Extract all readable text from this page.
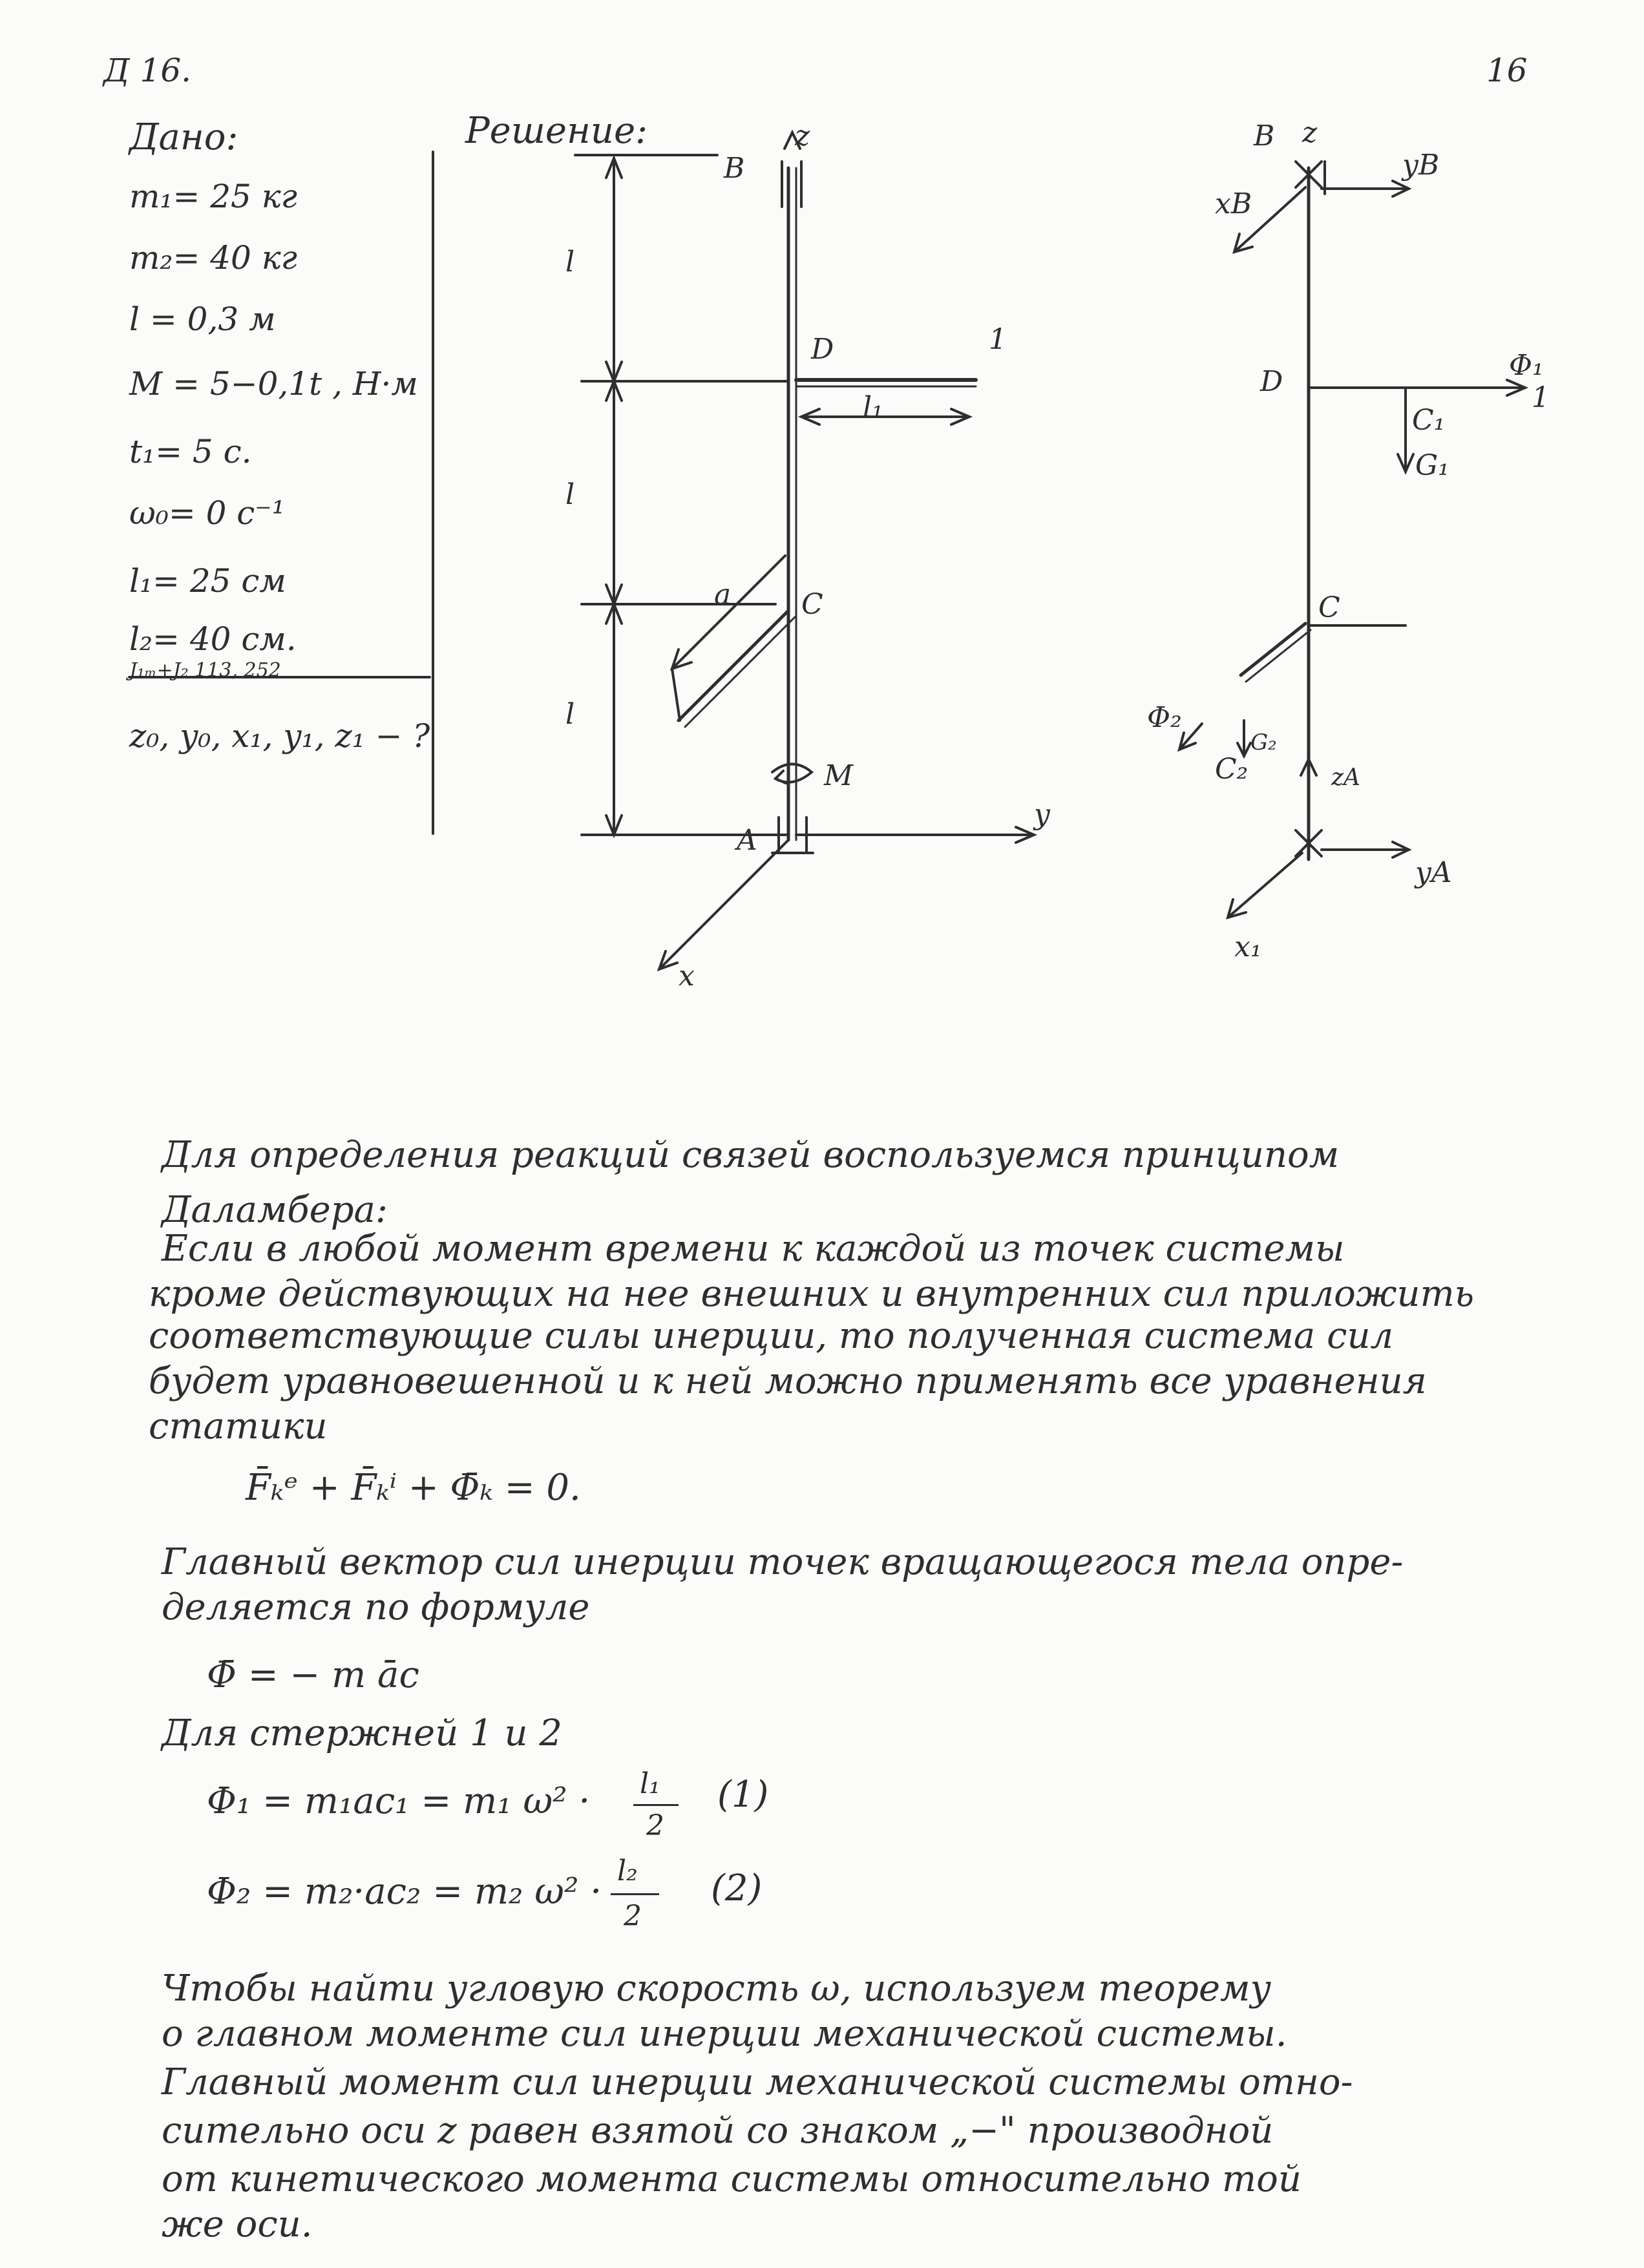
Д 16.	16
Дано:
m₁= 25 кг
m₂= 40 кг
l = 0,3 м
M = 5−0,1t , Н·м
t₁= 5 с.
ω₀= 0 с⁻¹
l₁= 25 см
l₂= 40 см.
J₁ₘ+J₂ 113, 252
z₀, y₀, x₁, y₁, z₁ − ?
Решение:
B
z
D
l₁
1
l
l
l
a C
M
A
y
x
B z
yB
xB
D	Φ₁
1
C₁
G₁
C
Φ₂
C₂
G₂
zA
yA
x₁
Для определения реакций связей воспользуемся принципом
Даламбера:
Если в любой момент времени к каждой из точек системы
кроме действующих на нее внешних и внутренних сил приложить
соответствующие силы инерции, то полученная система сил
будет уравновешенной и к ней можно применять все уравнения
статики
F̄ₖᵉ + F̄ₖⁱ + Φ̄ₖ = 0.
Главный вектор сил инерции точек вращающегося тела опре-
деляется по формуле
Φ̄ = − m āc
Для стержней 1 и 2
Φ₁ = m₁ac₁ = m₁ ω² · l₁
2
(1)
Φ₂ = m₂·ac₂ = m₂ ω² · l₂
2
(2)
Чтобы найти угловую скорость ω, используем теорему
о главном моменте сил инерции механической системы.
Главный момент сил инерции механической системы отно-
сительно оси z равен взятой со знаком „−" производной
от кинетического момента системы относительно той
же оси.
